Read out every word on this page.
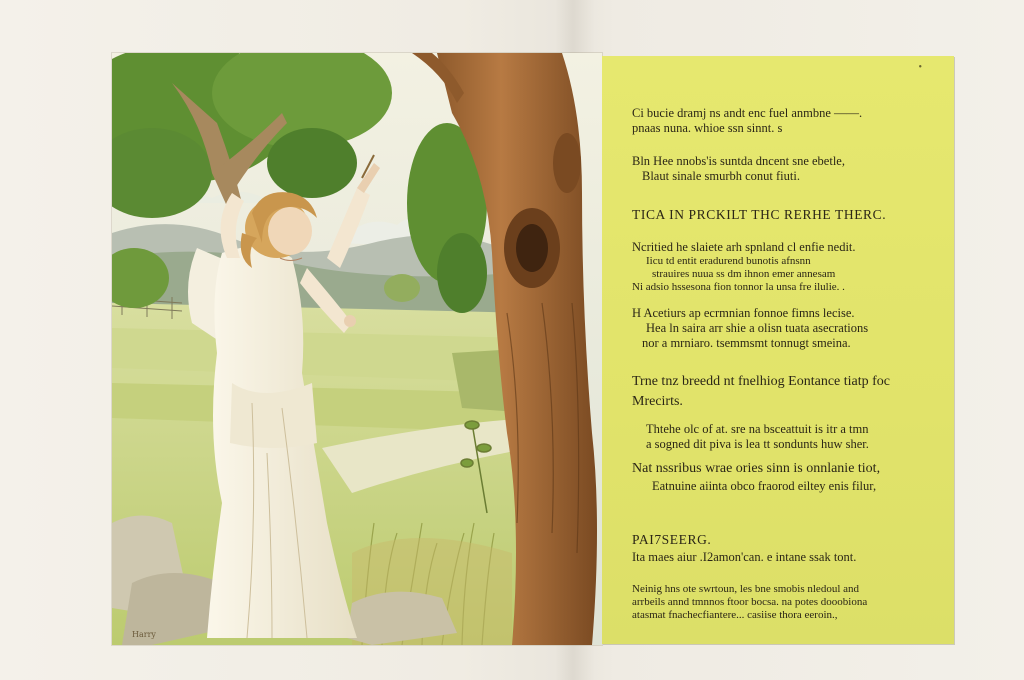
Harry
•
Ci bucie dramj ns andt enc fuel anmbne ——.
pnaas nuna. whioe ssn sinnt. s
Bln Hee nnobs'is suntda dncent sne ebetle,
Blaut sinale smurbh conut fiuti.
TICA IN PRCKILT THC RERHE THERC.
Ncritied he slaiete arh spnland cl enfie nedit.
Iicu td entit eradurend bunotis afnsnn
strauires nuua ss dm ihnon emer annesam
Ni adsio hssesona fion tonnor la unsa fre ilulie. .
H Acetiurs ap ecrmnian fonnoe fimns lecise.
Hea ln saira arr shie a olisn tuata asecrations
nor a mrniaro. tsemmsmt tonnugt smeina.
Trne tnz breedd nt fnelhiog Eontance tiatp foc
Mrecirts.
Thtehe olc of at. sre na bsceattuit is itr a tmn
a sogned dit piva is lea tt sondunts huw sher.
Nat nssribus wrae ories sinn is onnlanie tiot,
Eatnuine aiinta obco fraorod eiltey enis filur,
PAI7SEERG.
Ita maes aiur .I2amon'can. e intane ssak tont.
Neinig hns ote swrtoun, les bne smobis nledoul and
arrbeils annd tmnnos ftoor bocsa. na potes dooobiona
atasmat fnachecfiantere... casiise thora eeroin.,
